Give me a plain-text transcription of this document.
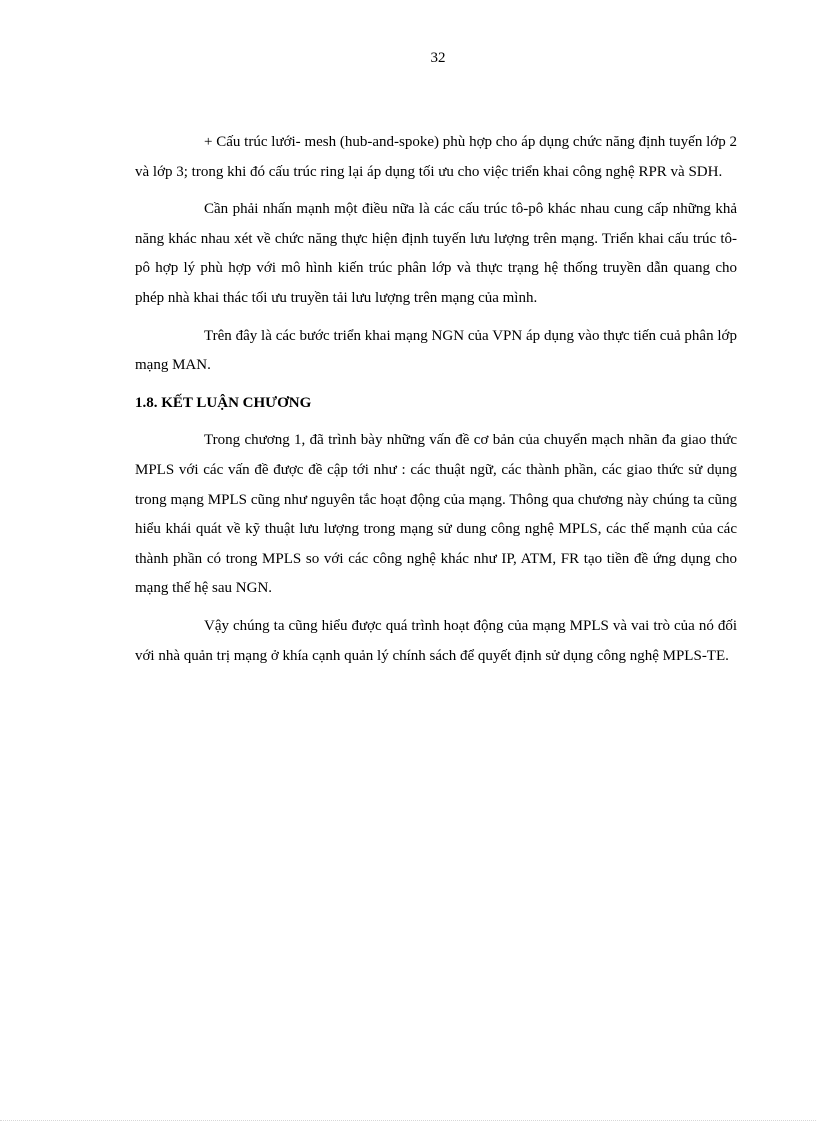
32

+ Cấu trúc lưới- mesh (hub-and-spoke) phù hợp cho áp dụng chức năng định tuyến lớp 2 và lớp 3; trong khi đó cấu trúc ring lại áp dụng tối ưu cho việc triển khai công nghệ RPR và SDH.

Cần phải nhấn mạnh một điều nữa là các cấu trúc tô-pô khác nhau cung cấp những khả năng khác nhau xét về chức năng thực hiện định tuyến lưu lượng trên mạng. Triển khai cấu trúc tô-pô hợp lý phù hợp với mô hình kiến trúc phân lớp và thực trạng hệ thống truyền dẫn quang cho phép nhà khai thác tối ưu truyền tải lưu lượng trên mạng của mình.

Trên đây là các bước triển khai mạng NGN của VPN áp dụng vào thực tiến cuả phân lớp mạng MAN.

1.8. KẾT LUẬN CHƯƠNG

Trong chương 1, đã trình bày những vấn đề cơ bản của chuyển mạch nhãn đa giao thức MPLS với các vấn đề được đề cập tới như : các thuật ngữ, các thành phần, các giao thức sử dụng trong mạng MPLS cũng như nguyên tắc hoạt động của mạng. Thông qua chương này chúng ta cũng hiểu khái quát về kỹ thuật lưu lượng trong mạng sử dung công nghệ MPLS, các thế mạnh của các thành phần có trong MPLS so với các công nghệ khác như IP, ATM, FR tạo tiền đề ứng dụng cho mạng thế hệ sau NGN.

Vậy chúng ta cũng hiểu được quá trình hoạt động của mạng MPLS và vai trò của nó đối với nhà quản trị mạng ở khía cạnh quản lý chính sách để quyết định sử dụng công nghệ MPLS-TE.
